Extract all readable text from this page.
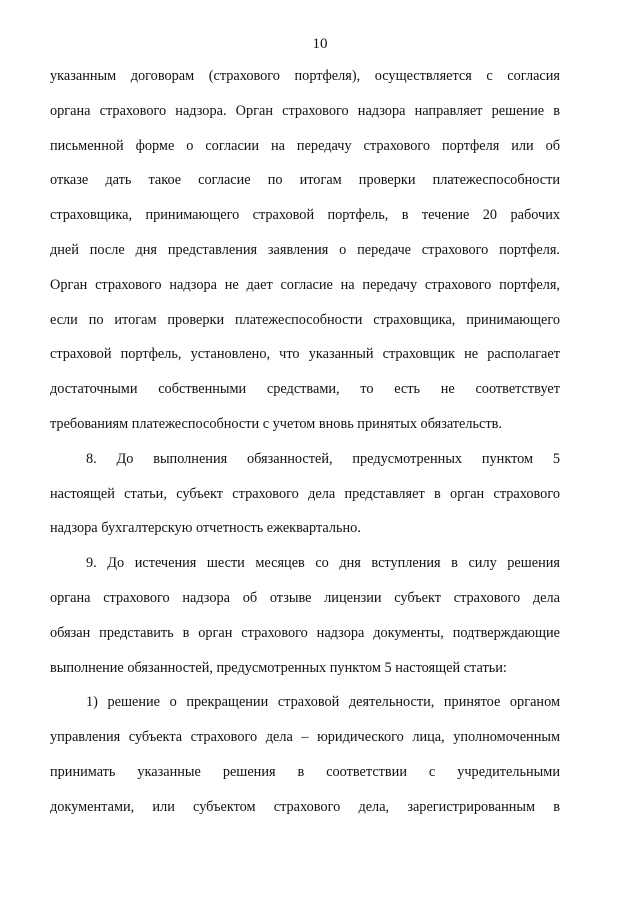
10
указанным договорам (страхового портфеля), осуществляется с согласия
органа страхового надзора. Орган страхового надзора направляет решение в
письменной форме о согласии на передачу страхового портфеля или об
отказе дать такое согласие по итогам проверки платежеспособности
страховщика, принимающего страховой портфель, в течение 20 рабочих
дней после дня представления заявления о передаче страхового портфеля.
Орган страхового надзора не дает согласие на передачу страхового портфеля,
если по итогам проверки платежеспособности страховщика, принимающего
страховой портфель, установлено, что указанный страховщик не располагает
достаточными собственными средствами, то есть не соответствует
требованиям платежеспособности с учетом вновь принятых обязательств.
8. До выполнения обязанностей, предусмотренных пунктом 5
настоящей статьи, субъект страхового дела представляет в орган страхового
надзора бухгалтерскую отчетность ежеквартально.
9. До истечения шести месяцев со дня вступления в силу решения
органа страхового надзора об отзыве лицензии субъект страхового дела
обязан представить в орган страхового надзора документы, подтверждающие
выполнение обязанностей, предусмотренных пунктом 5 настоящей статьи:
1) решение о прекращении страховой деятельности, принятое органом
управления субъекта страхового дела – юридического лица, уполномоченным
принимать указанные решения в соответствии с учредительными
документами, или субъектом страхового дела, зарегистрированным в
